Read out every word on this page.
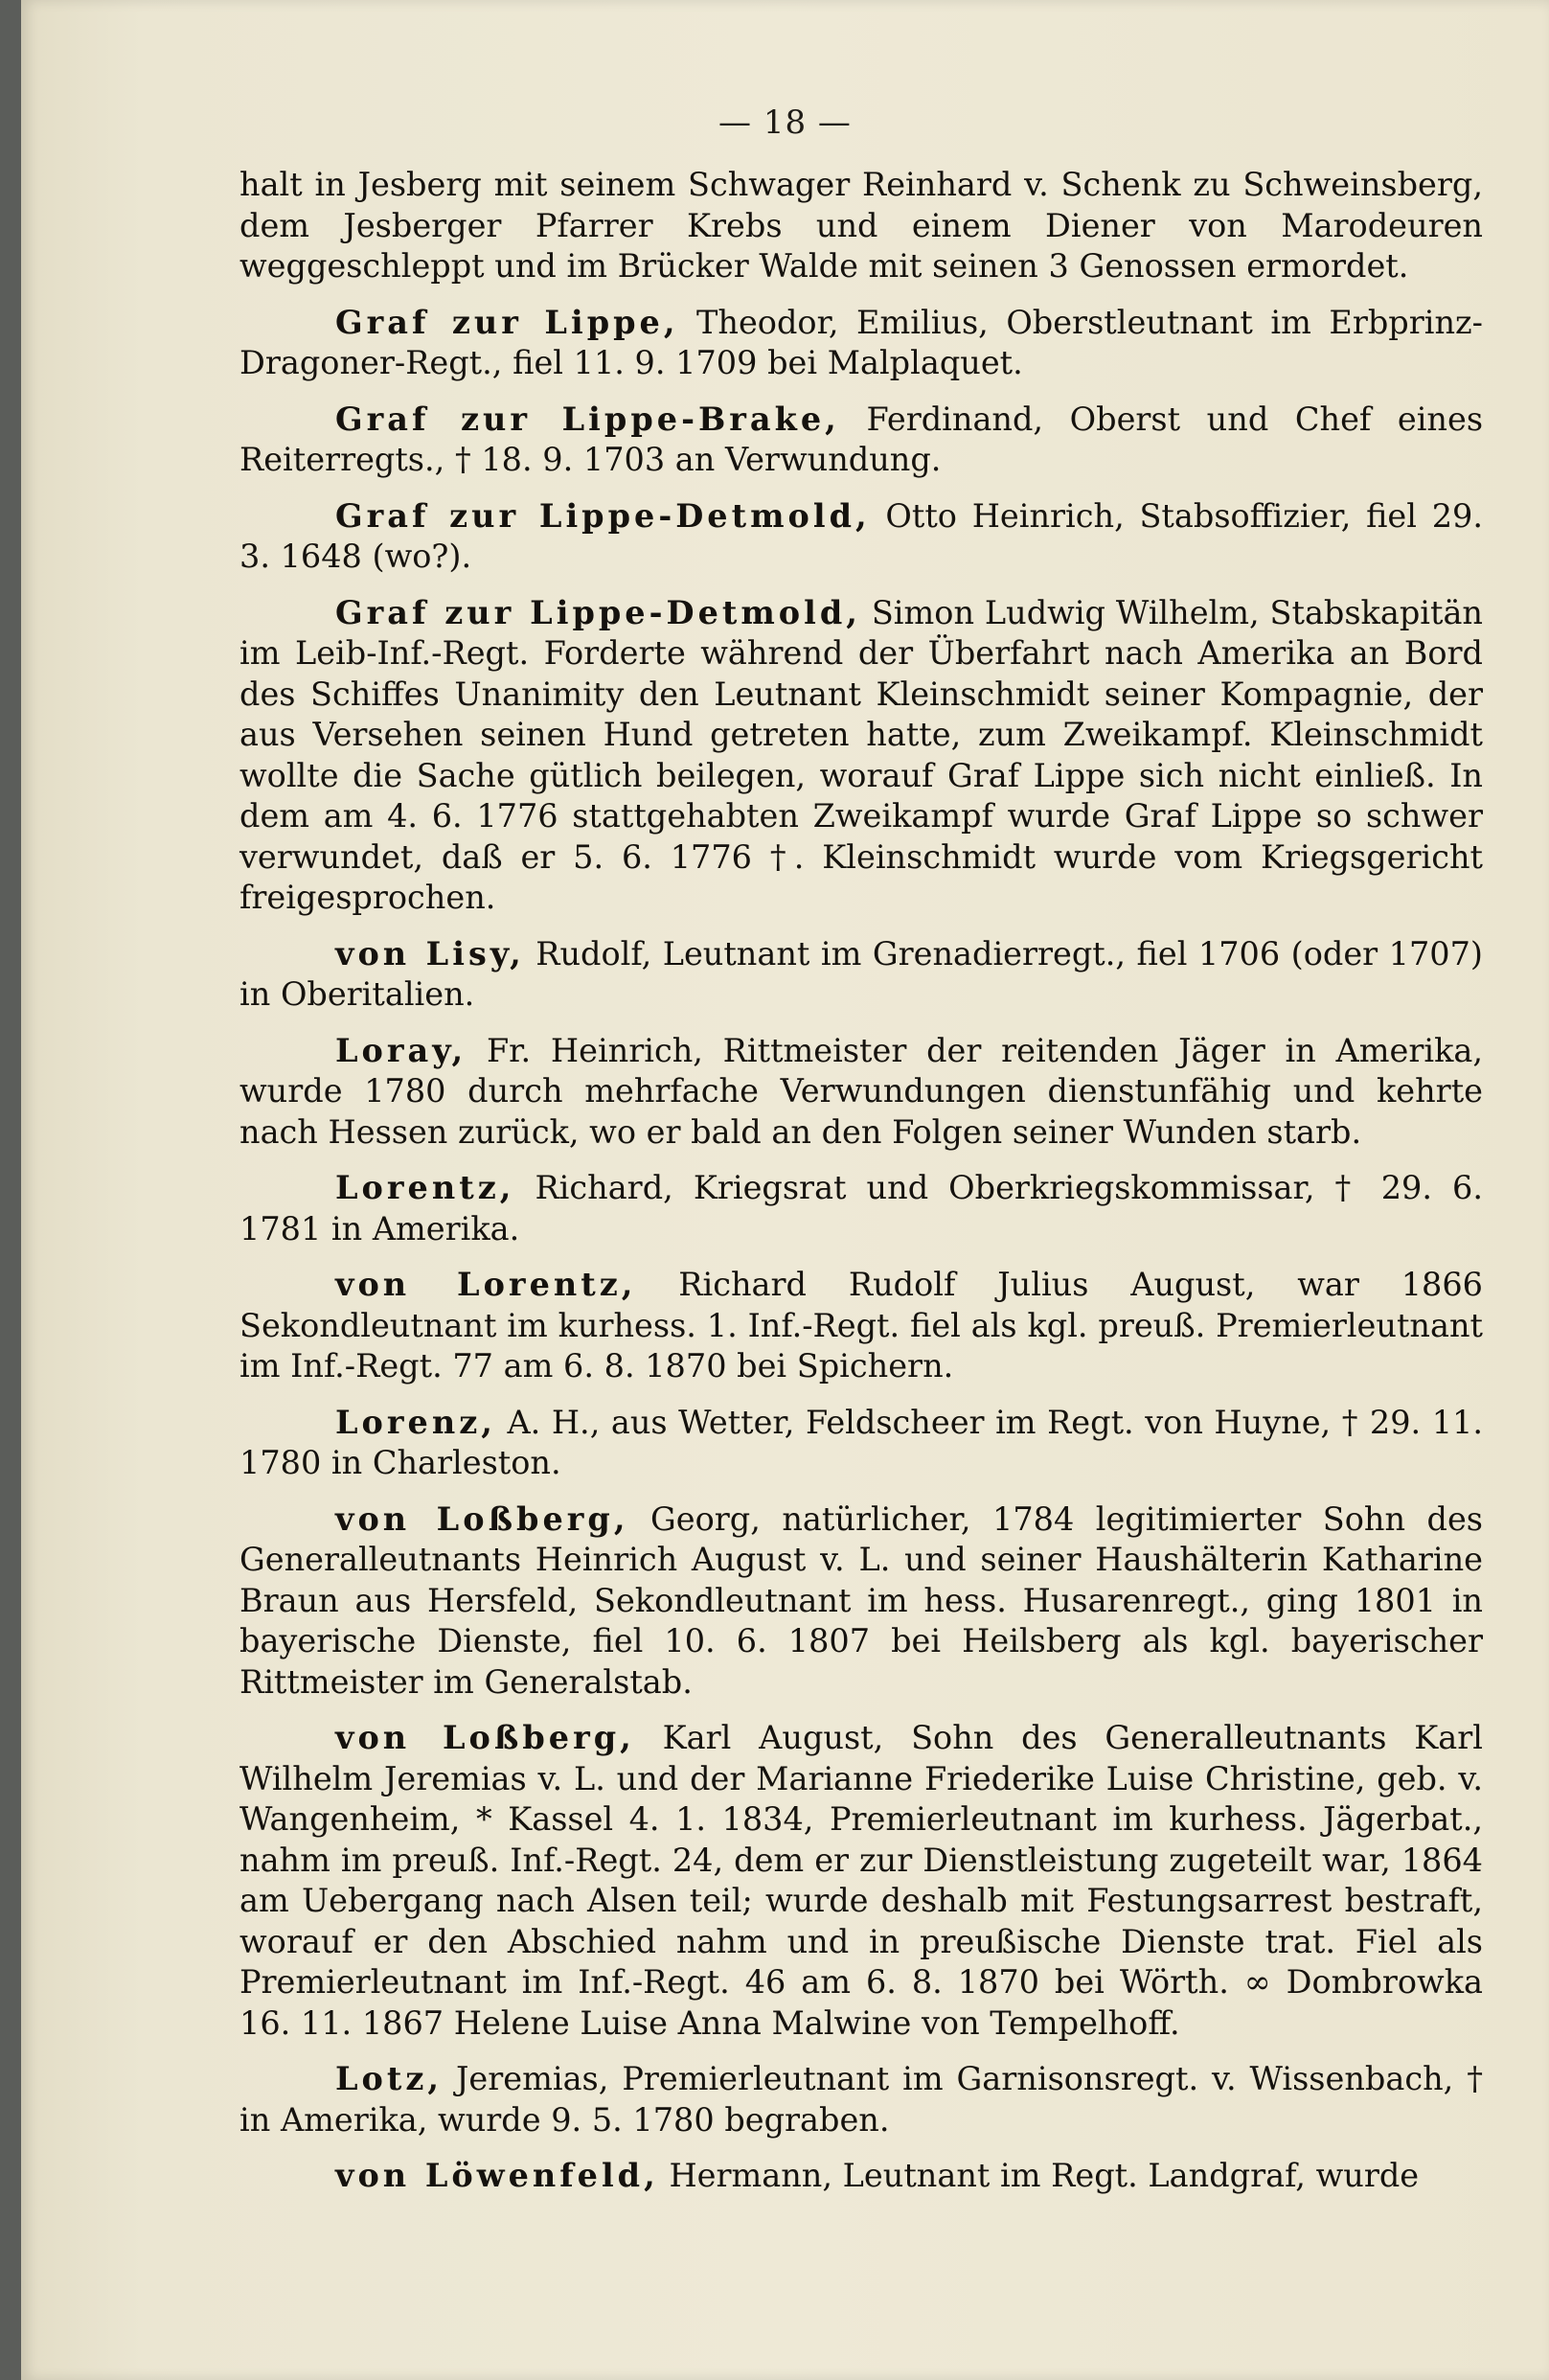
— 18 —

halt in Jesberg mit seinem Schwager Reinhard v. Schenk zu Schweinsberg, dem Jesberger Pfarrer Krebs und einem Diener von Marodeuren weggeschleppt und im Brücker Walde mit seinen 3 Genossen ermordet.

Graf zur Lippe, Theodor, Emilius, Oberstleutnant im Erbprinz-Dragoner-Regt., fiel 11. 9. 1709 bei Malplaquet.

Graf zur Lippe-Brake, Ferdinand, Oberst und Chef eines Reiterregts., † 18. 9. 1703 an Verwundung.

Graf zur Lippe-Detmold, Otto Heinrich, Stabsoffizier, fiel 29. 3. 1648 (wo?).

Graf zur Lippe-Detmold, Simon Ludwig Wilhelm, Stabskapitän im Leib-Inf.-Regt. Forderte während der Überfahrt nach Amerika an Bord des Schiffes Unanimity den Leutnant Kleinschmidt seiner Kompagnie, der aus Versehen seinen Hund getreten hatte, zum Zweikampf. Kleinschmidt wollte die Sache gütlich beilegen, worauf Graf Lippe sich nicht einließ. In dem am 4. 6. 1776 stattgehabten Zweikampf wurde Graf Lippe so schwer verwundet, daß er 5. 6. 1776 †. Kleinschmidt wurde vom Kriegsgericht freigesprochen.

von Lisy, Rudolf, Leutnant im Grenadierregt., fiel 1706 (oder 1707) in Oberitalien.

Loray, Fr. Heinrich, Rittmeister der reitenden Jäger in Amerika, wurde 1780 durch mehrfache Verwundungen dienstunfähig und kehrte nach Hessen zurück, wo er bald an den Folgen seiner Wunden starb.

Lorentz, Richard, Kriegsrat und Oberkriegskommissar, † 29. 6. 1781 in Amerika.

von Lorentz, Richard Rudolf Julius August, war 1866 Sekondleutnant im kurhess. 1. Inf.-Regt. fiel als kgl. preuß. Premierleutnant im Inf.-Regt. 77 am 6. 8. 1870 bei Spichern.

Lorenz, A. H., aus Wetter, Feldscheer im Regt. von Huyne, † 29. 11. 1780 in Charleston.

von Loßberg, Georg, natürlicher, 1784 legitimierter Sohn des Generalleutnants Heinrich August v. L. und seiner Haushälterin Katharine Braun aus Hersfeld, Sekondleutnant im hess. Husarenregt., ging 1801 in bayerische Dienste, fiel 10. 6. 1807 bei Heilsberg als kgl. bayerischer Rittmeister im Generalstab.

von Loßberg, Karl August, Sohn des Generalleutnants Karl Wilhelm Jeremias v. L. und der Marianne Friederike Luise Christine, geb. v. Wangenheim, * Kassel 4. 1. 1834, Premierleutnant im kurhess. Jägerbat., nahm im preuß. Inf.-Regt. 24, dem er zur Dienstleistung zugeteilt war, 1864 am Uebergang nach Alsen teil; wurde deshalb mit Festungsarrest bestraft, worauf er den Abschied nahm und in preußische Dienste trat. Fiel als Premierleutnant im Inf.-Regt. 46 am 6. 8. 1870 bei Wörth. ∞ Dombrowka 16. 11. 1867 Helene Luise Anna Malwine von Tempelhoff.

Lotz, Jeremias, Premierleutnant im Garnisonsregt. v. Wissenbach, † in Amerika, wurde 9. 5. 1780 begraben.

von Löwenfeld, Hermann, Leutnant im Regt. Landgraf, wurde
